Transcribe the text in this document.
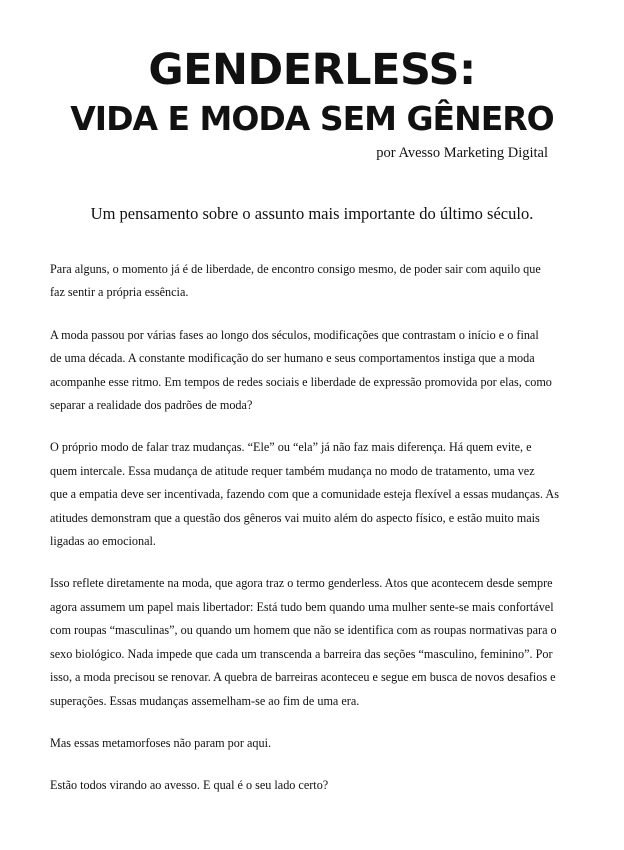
GENDERLESS:
VIDA E MODA SEM GÊNERO
por Avesso Marketing Digital
Um pensamento sobre o assunto mais importante do último século.

Para alguns, o momento já é de liberdade, de encontro consigo mesmo, de poder sair com aquilo que
faz sentir a própria essência.

A moda passou por várias fases ao longo dos séculos, modificações que contrastam o início e o final
de uma década. A constante modificação do ser humano e seus comportamentos instiga que a moda
acompanhe esse ritmo. Em tempos de redes sociais e liberdade de expressão promovida por elas, como
separar a realidade dos padrões de moda?

O próprio modo de falar traz mudanças. “Ele” ou “ela” já não faz mais diferença. Há quem evite, e
quem intercale. Essa mudança de atitude requer também mudança no modo de tratamento, uma vez
que a empatia deve ser incentivada, fazendo com que a comunidade esteja flexível a essas mudanças. As
atitudes demonstram que a questão dos gêneros vai muito além do aspecto físico, e estão muito mais
ligadas ao emocional.

Isso reflete diretamente na moda, que agora traz o termo genderless. Atos que acontecem desde sempre
agora assumem um papel mais libertador: Está tudo bem quando uma mulher sente-se mais confortável
com roupas “masculinas”, ou quando um homem que não se identifica com as roupas normativas para o
sexo biológico. Nada impede que cada um transcenda a barreira das seções “masculino, feminino”. Por
isso, a moda precisou se renovar. A quebra de barreiras aconteceu e segue em busca de novos desafios e
superações. Essas mudanças assemelham-se ao fim de uma era.

Mas essas metamorfoses não param por aqui.

Estão todos virando ao avesso. E qual é o seu lado certo?
